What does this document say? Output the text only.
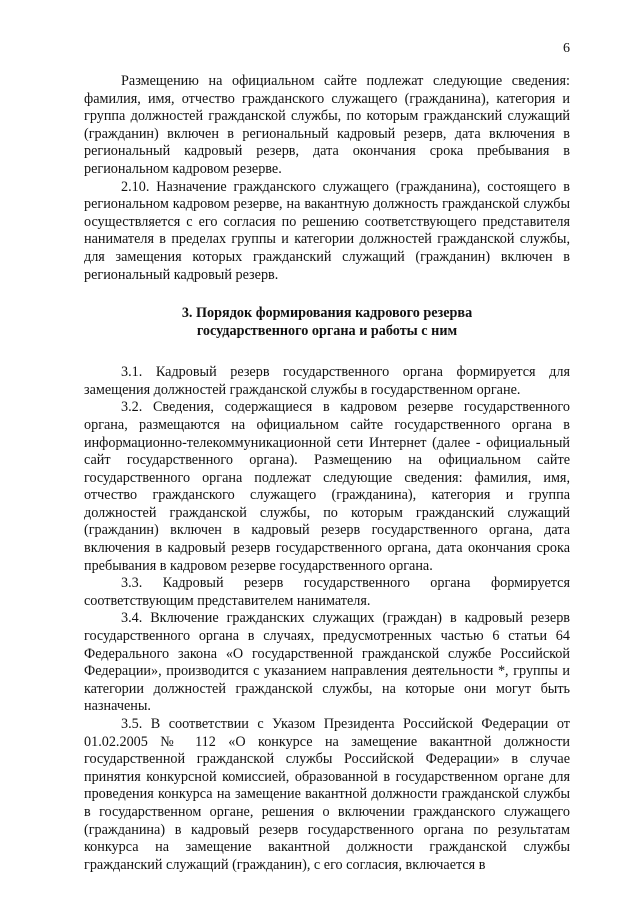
6

Размещению на официальном сайте подлежат следующие сведения: фамилия, имя, отчество гражданского служащего (гражданина), категория и группа должностей гражданской службы, по которым гражданский служащий (гражданин) включен в региональный кадровый резерв, дата включения в региональный кадровый резерв, дата окончания срока пребывания в региональном кадровом резерве.

2.10. Назначение гражданского служащего (гражданина), состоящего в региональном кадровом резерве, на вакантную должность гражданской службы осуществляется с его согласия по решению соответствующего представителя нанимателя в пределах группы и категории должностей гражданской службы, для замещения которых гражданский служащий (гражданин) включен в региональный кадровый резерв.

3. Порядок формирования кадрового резерва
государственного органа и работы с ним

3.1. Кадровый резерв государственного органа формируется для замещения должностей гражданской службы в государственном органе.

3.2. Сведения, содержащиеся в кадровом резерве государственного органа, размещаются на официальном сайте государственного органа в информационно-телекоммуникационной сети Интернет (далее - официальный сайт государственного органа). Размещению на официальном сайте государственного органа подлежат следующие сведения: фамилия, имя, отчество гражданского служащего (гражданина), категория и группа должностей гражданской службы, по которым гражданский служащий (гражданин) включен в кадровый резерв государственного органа, дата включения в кадровый резерв государственного органа, дата окончания срока пребывания в кадровом резерве государственного органа.

3.3. Кадровый резерв государственного органа формируется соответствующим представителем нанимателя.

3.4. Включение гражданских служащих (граждан) в кадровый резерв государственного органа в случаях, предусмотренных частью 6 статьи 64 Федерального закона «О государственной гражданской службе Российской Федерации», производится с указанием направления деятельности *, группы и категории должностей гражданской службы, на которые они могут быть назначены.

3.5. В соответствии с Указом Президента Российской Федерации от 01.02.2005 № 112 «О конкурсе на замещение вакантной должности государственной гражданской службы Российской Федерации» в случае принятия конкурсной комиссией, образованной в государственном органе для проведения конкурса на замещение вакантной должности гражданской службы в государственном органе, решения о включении гражданского служащего (гражданина) в кадровый резерв государственного органа по результатам конкурса на замещение вакантной должности гражданской службы гражданский служащий (гражданин), с его согласия, включается в
